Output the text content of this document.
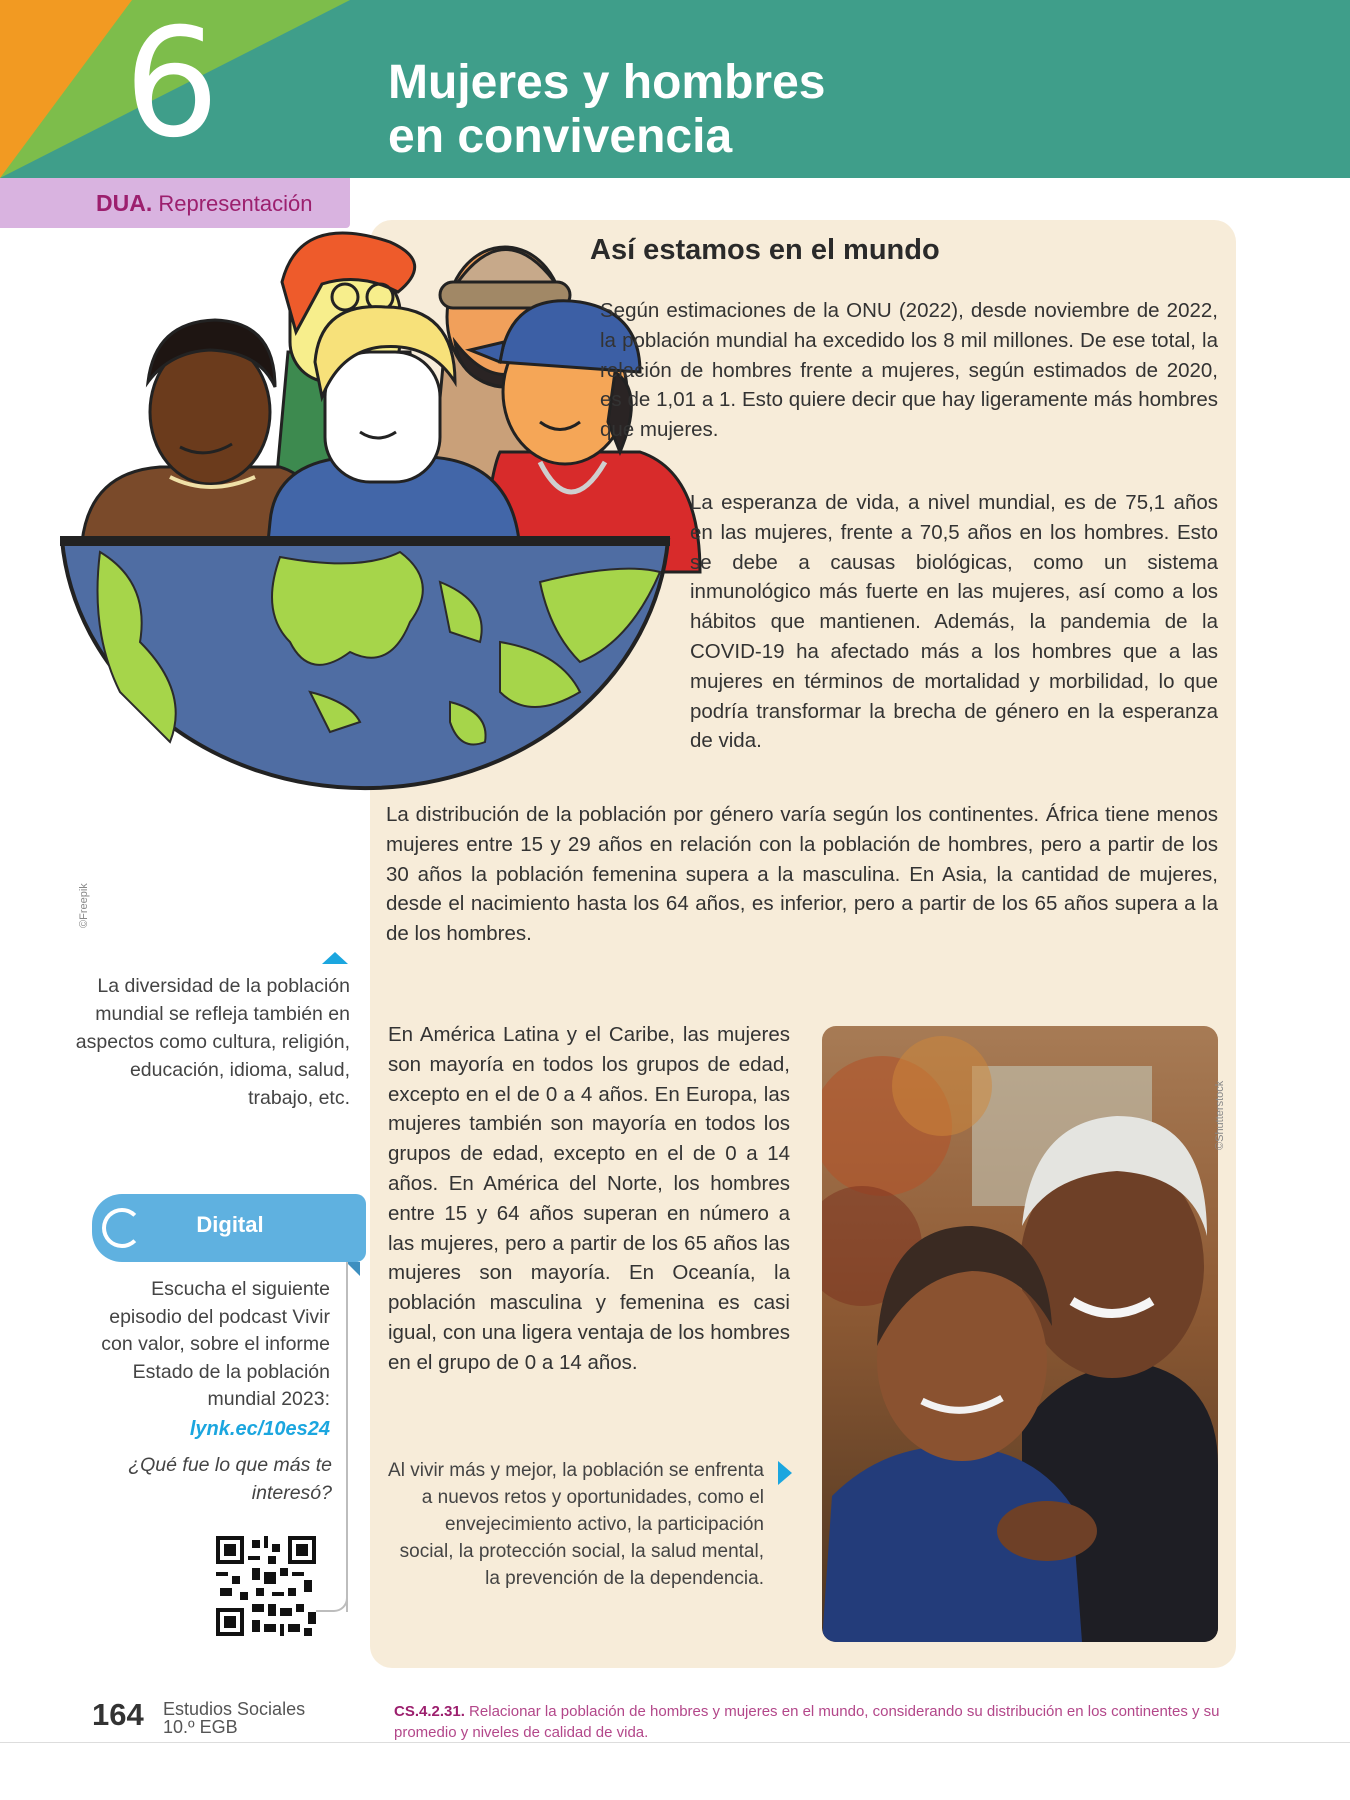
6	Mujeres y hombres
en convivencia
DUA. Representación
©Freepik
Así estamos en el mundo

Según estimaciones de la ONU (2022), desde noviembre de 2022, la población mundial ha excedido los 8 mil millones. De ese total, la relación de hombres frente a mujeres, según estimados de 2020, es de 1,01 a 1. Esto quiere decir que hay ligeramente más hombres que mujeres.

La esperanza de vida, a nivel mundial, es de 75,1 años en las mujeres, frente a 70,5 años en los hombres. Esto se debe a causas biológicas, como un sistema inmunológico más fuerte en las mujeres, así como a los hábitos que mantienen. Además, la pandemia de la COVID-19 ha afectado más a los hombres que a las mujeres en términos de mortalidad y morbilidad, lo que podría transformar la brecha de género en la esperanza de vida.

La distribución de la población por género varía según los continentes. África tiene menos mujeres entre 15 y 29 años en relación con la población de hombres, pero a partir de los 30 años la población femenina supera a la masculina. En Asia, la cantidad de mujeres, desde el nacimiento hasta los 64 años, es inferior, pero a partir de los 65 años supera a la de los hombres.

En América Latina y el Caribe, las mujeres son mayoría en todos los grupos de edad, excepto en el de 0 a 4 años. En Europa, las mujeres también son mayoría en todos los grupos de edad, excepto en el de 0 a 14 años. En América del Norte, los hombres entre 15 y 64 años superan en número a las mujeres, pero a partir de los 65 años las mujeres son mayoría. En Oceanía, la población masculina y femenina es casi igual, con una ligera ventaja de los hombres en el grupo de 0 a 14 años.

Al vivir más y mejor, la población se enfrenta a nuevos retos y oportunidades, como el envejecimiento activo, la participación social, la protección social, la salud mental, la prevención de la dependencia.

©Shutterstock

La diversidad de la población mundial se refleja también en aspectos como cultura, religión, educación, idioma, salud, trabajo, etc.

Digital

Escucha el siguiente episodio del podcast Vivir con valor, sobre el informe Estado de la población mundial 2023:

lynk.ec/10es24

¿Qué fue lo que más te interesó?

164 Estudios Sociales
10.º EGB
CS.4.2.31. Relacionar la población de hombres y mujeres en el mundo, considerando su distribución en los continentes y su promedio y niveles de calidad de vida.
